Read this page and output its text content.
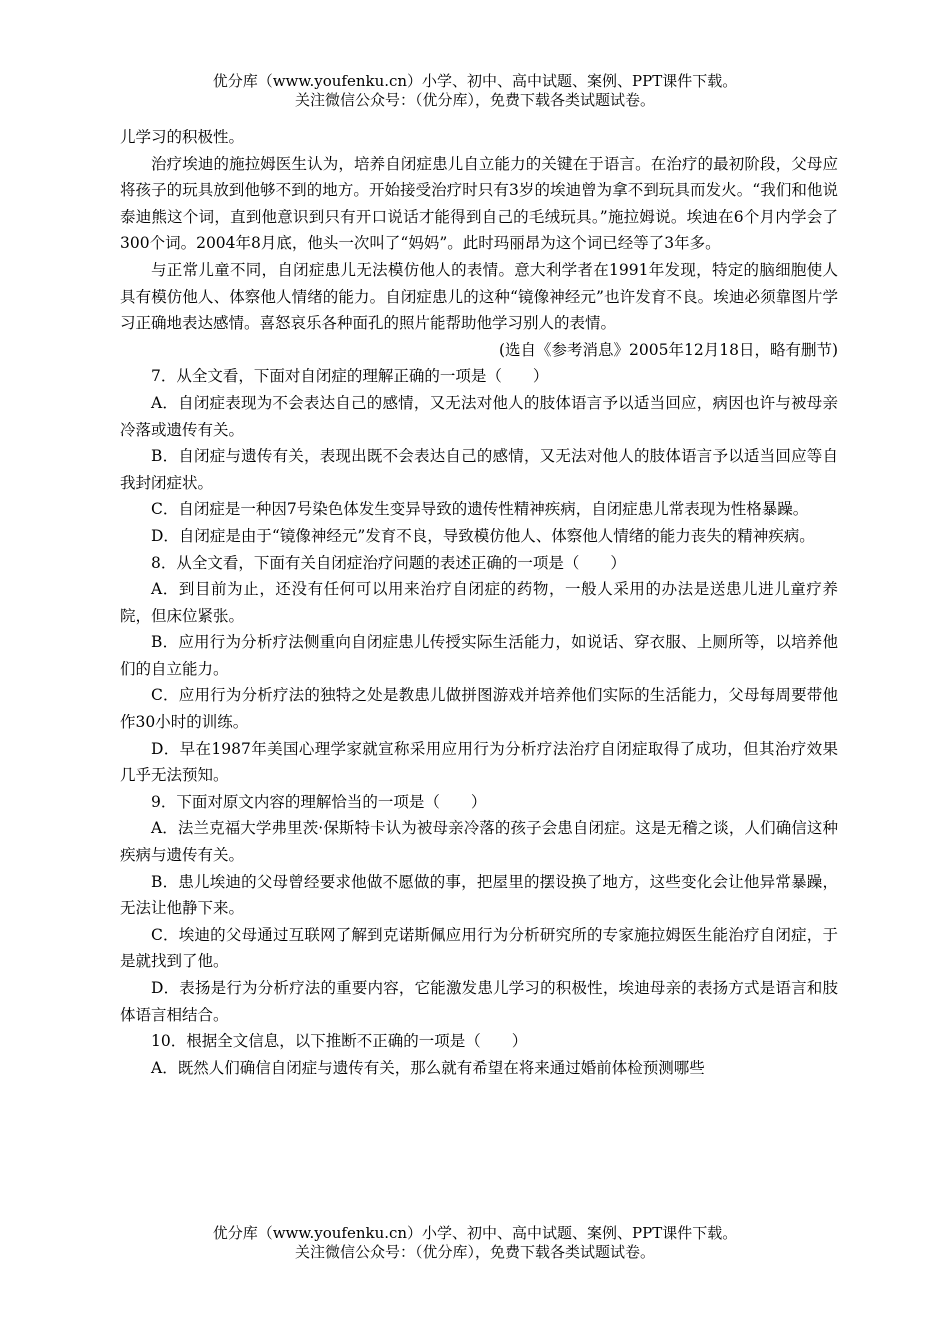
优分库（www.youfenku.cn）小学、初中、高中试题、案例、PPT课件下载。
关注微信公众号：（优分库），免费下载各类试题试卷。

儿学习的积极性。

治疗埃迪的施拉姆医生认为，培养自闭症患儿自立能力的关键在于语言。在治疗的最初阶段，父母应将孩子的玩具放到他够不到的地方。开始接受治疗时只有3岁的埃迪曾为拿不到玩具而发火。“我们和他说泰迪熊这个词，直到他意识到只有开口说话才能得到自己的毛绒玩具。”施拉姆说。埃迪在6个月内学会了300个词。2004年8月底，他头一次叫了“妈妈”。此时玛丽昂为这个词已经等了3年多。

与正常儿童不同，自闭症患儿无法模仿他人的表情。意大利学者在1991年发现，特定的脑细胞使人具有模仿他人、体察他人情绪的能力。自闭症患儿的这种“镜像神经元”也许发育不良。埃迪必须靠图片学习正确地表达感情。喜怒哀乐各种面孔的照片能帮助他学习别人的表情。

(选自《参考消息》2005年12月18日，略有删节)

7．从全文看，下面对自闭症的理解正确的一项是（　　）

A．自闭症表现为不会表达自己的感情，又无法对他人的肢体语言予以适当回应，病因也许与被母亲冷落或遗传有关。

B．自闭症与遗传有关，表现出既不会表达自己的感情，又无法对他人的肢体语言予以适当回应等自我封闭症状。

C．自闭症是一种因7号染色体发生变异导致的遗传性精神疾病，自闭症患儿常表现为性格暴躁。

D．自闭症是由于“镜像神经元”发育不良，导致模仿他人、体察他人情绪的能力丧失的精神疾病。

8．从全文看，下面有关自闭症治疗问题的表述正确的一项是（　　）

A．到目前为止，还没有任何可以用来治疗自闭症的药物，一般人采用的办法是送患儿进儿童疗养院，但床位紧张。

B．应用行为分析疗法侧重向自闭症患儿传授实际生活能力，如说话、穿衣服、上厕所等，以培养他们的自立能力。

C．应用行为分析疗法的独特之处是教患儿做拼图游戏并培养他们实际的生活能力，父母每周要带他作30小时的训练。

D．早在1987年美国心理学家就宣称采用应用行为分析疗法治疗自闭症取得了成功，但其治疗效果几乎无法预知。

9．下面对原文内容的理解恰当的一项是（　　）

A．法兰克福大学弗里茨·保斯特卡认为被母亲冷落的孩子会患自闭症。这是无稽之谈，人们确信这种疾病与遗传有关。

B．患儿埃迪的父母曾经要求他做不愿做的事，把屋里的摆设换了地方，这些变化会让他异常暴躁，无法让他静下来。

C．埃迪的父母通过互联网了解到克诺斯佩应用行为分析研究所的专家施拉姆医生能治疗自闭症，于是就找到了他。

D．表扬是行为分析疗法的重要内容，它能激发患儿学习的积极性，埃迪母亲的表扬方式是语言和肢体语言相结合。

10．根据全文信息，以下推断不正确的一项是（　　）

A．既然人们确信自闭症与遗传有关，那么就有希望在将来通过婚前体检预测哪些

优分库（www.youfenku.cn）小学、初中、高中试题、案例、PPT课件下载。
关注微信公众号：（优分库），免费下载各类试题试卷。
